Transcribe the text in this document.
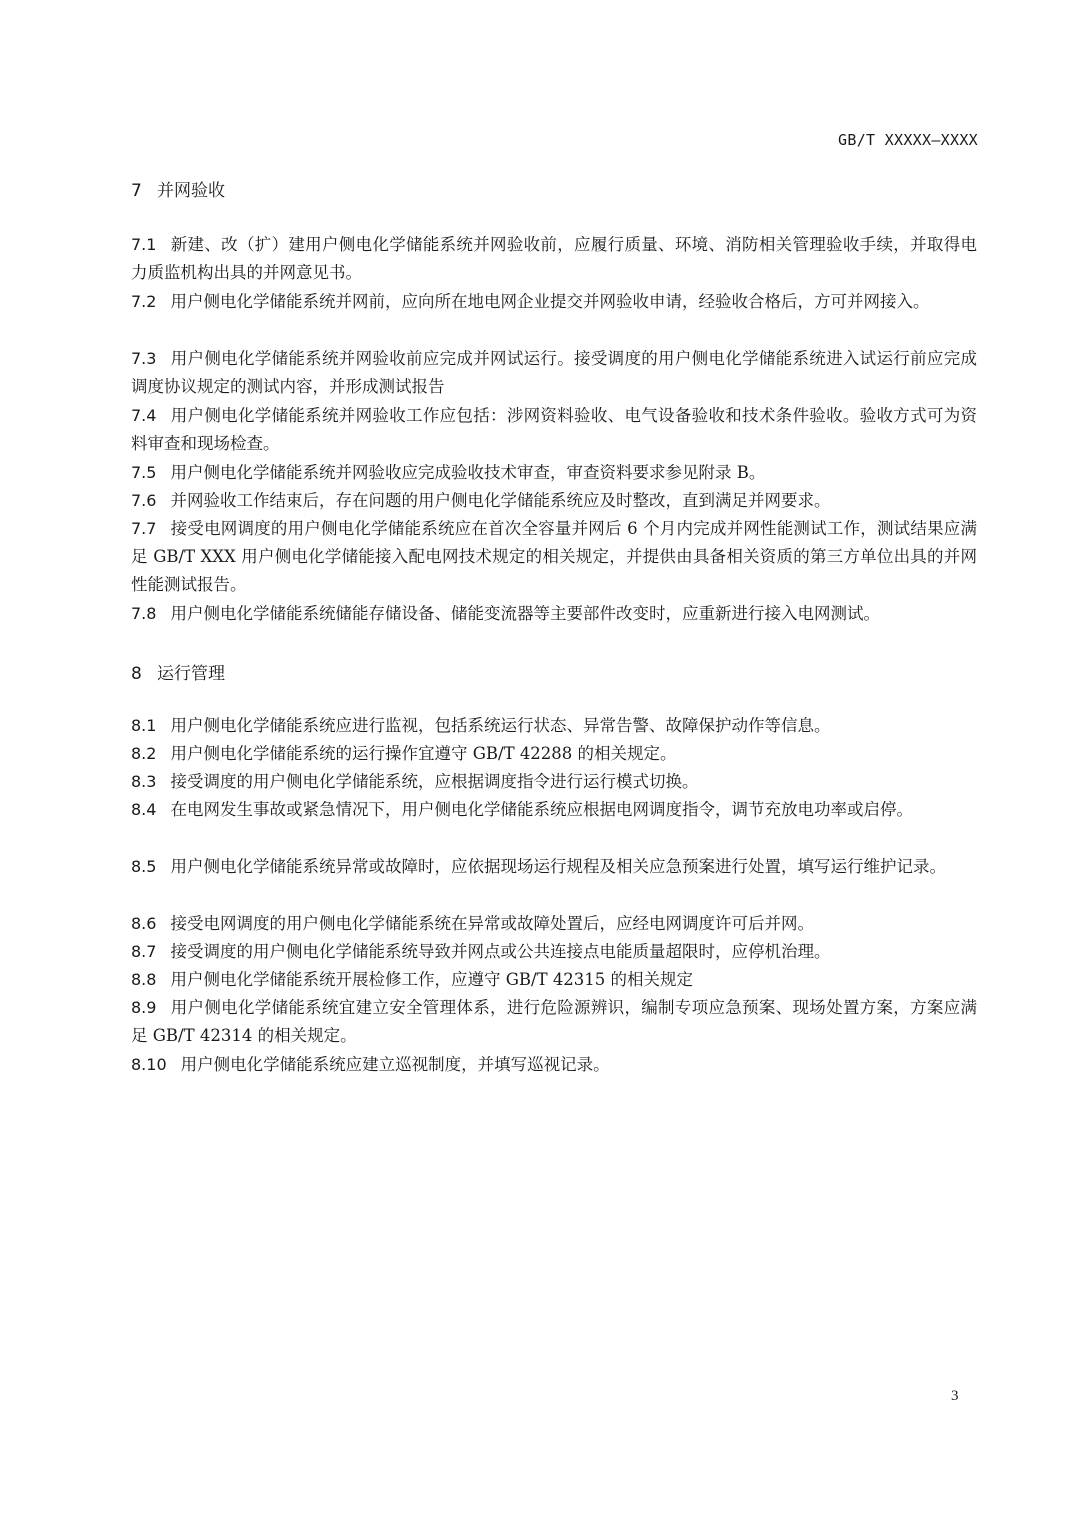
GB/T XXXXX—XXXX
7 并网验收
7.1 新建、改（扩）建用户侧电化学储能系统并网验收前，应履行质量、环境、消防相关管理验收手续，并取得电力质监机构出具的并网意见书。
7.2 用户侧电化学储能系统并网前，应向所在地电网企业提交并网验收申请，经验收合格后，方可并网接入。
7.3 用户侧电化学储能系统并网验收前应完成并网试运行。接受调度的用户侧电化学储能系统进入试运行前应完成调度协议规定的测试内容，并形成测试报告
7.4 用户侧电化学储能系统并网验收工作应包括：涉网资料验收、电气设备验收和技术条件验收。验收方式可为资料审查和现场检查。
7.5 用户侧电化学储能系统并网验收应完成验收技术审查，审查资料要求参见附录 B。
7.6 并网验收工作结束后，存在问题的用户侧电化学储能系统应及时整改，直到满足并网要求。
7.7 接受电网调度的用户侧电化学储能系统应在首次全容量并网后 6 个月内完成并网性能测试工作，测试结果应满足 GB/T XXX 用户侧电化学储能接入配电网技术规定的相关规定，并提供由具备相关资质的第三方单位出具的并网性能测试报告。
7.8 用户侧电化学储能系统储能存储设备、储能变流器等主要部件改变时，应重新进行接入电网测试。
8 运行管理
8.1 用户侧电化学储能系统应进行监视，包括系统运行状态、异常告警、故障保护动作等信息。
8.2 用户侧电化学储能系统的运行操作宜遵守 GB/T 42288 的相关规定。
8.3 接受调度的用户侧电化学储能系统，应根据调度指令进行运行模式切换。
8.4 在电网发生事故或紧急情况下，用户侧电化学储能系统应根据电网调度指令，调节充放电功率或启停。
8.5 用户侧电化学储能系统异常或故障时，应依据现场运行规程及相关应急预案进行处置，填写运行维护记录。
8.6 接受电网调度的用户侧电化学储能系统在异常或故障处置后，应经电网调度许可后并网。
8.7 接受调度的用户侧电化学储能系统导致并网点或公共连接点电能质量超限时，应停机治理。
8.8 用户侧电化学储能系统开展检修工作，应遵守 GB/T 42315 的相关规定
8.9 用户侧电化学储能系统宜建立安全管理体系，进行危险源辨识，编制专项应急预案、现场处置方案，方案应满足 GB/T 42314 的相关规定。
8.10 用户侧电化学储能系统应建立巡视制度，并填写巡视记录。
3
